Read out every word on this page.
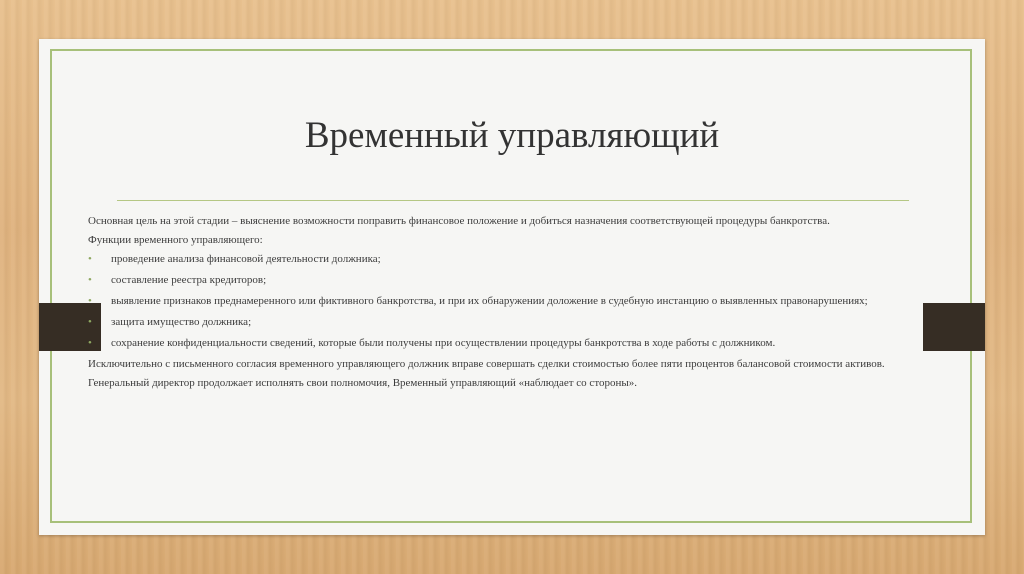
Временный управляющий

Основная цель на этой стадии – выяснение возможности поправить финансовое положение и добиться назначения соответствующей процедуры банкротства.

Функции временного управляющего:

• проведение анализа финансовой деятельности должника;
• составление реестра кредиторов;
• выявление признаков преднамеренного или фиктивного банкротства, и при их обнаружении доложение в судебную инстанцию о выявленных правонарушениях;
• защита имущество должника;
• сохранение конфиденциальности сведений, которые были получены при осуществлении процедуры банкротства в ходе работы с должником.

Исключительно с письменного согласия временного управляющего должник вправе совершать сделки стоимостью более пяти процентов балансовой стоимости активов.

Генеральный директор продолжает исполнять свои полномочия, Временный управляющий «наблюдает со стороны».
